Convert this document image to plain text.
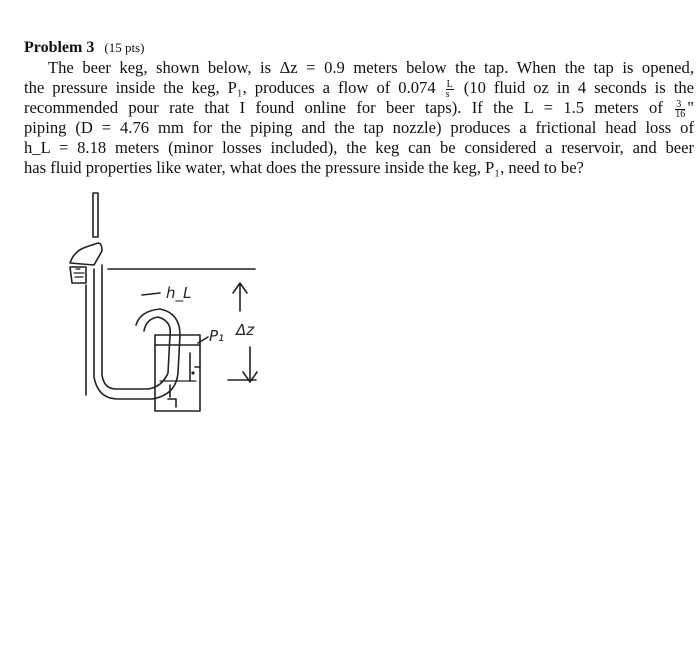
Problem 3 (15 pts)
The beer keg, shown below, is Δz = 0.9 meters below the tap. When the tap is opened,
the pressure inside the keg, P₁, produces a flow of $0.074 \frac{L}{s} (10$ fluid oz in 4 seconds is the
recommended pour rate that I found online for beer taps). If the L = 1.5 meters of $\frac{3}{16}$ "
piping (D = 4.76 mm for the piping and the tap nozzle) produces a frictional head loss of
h_L = 8.18 meters (minor losses included), the keg can be considered a reservoir, and beer
has fluid properties like water, what does the pressure inside the keg, P₁, need to be?
h_L
P₁ Δz
